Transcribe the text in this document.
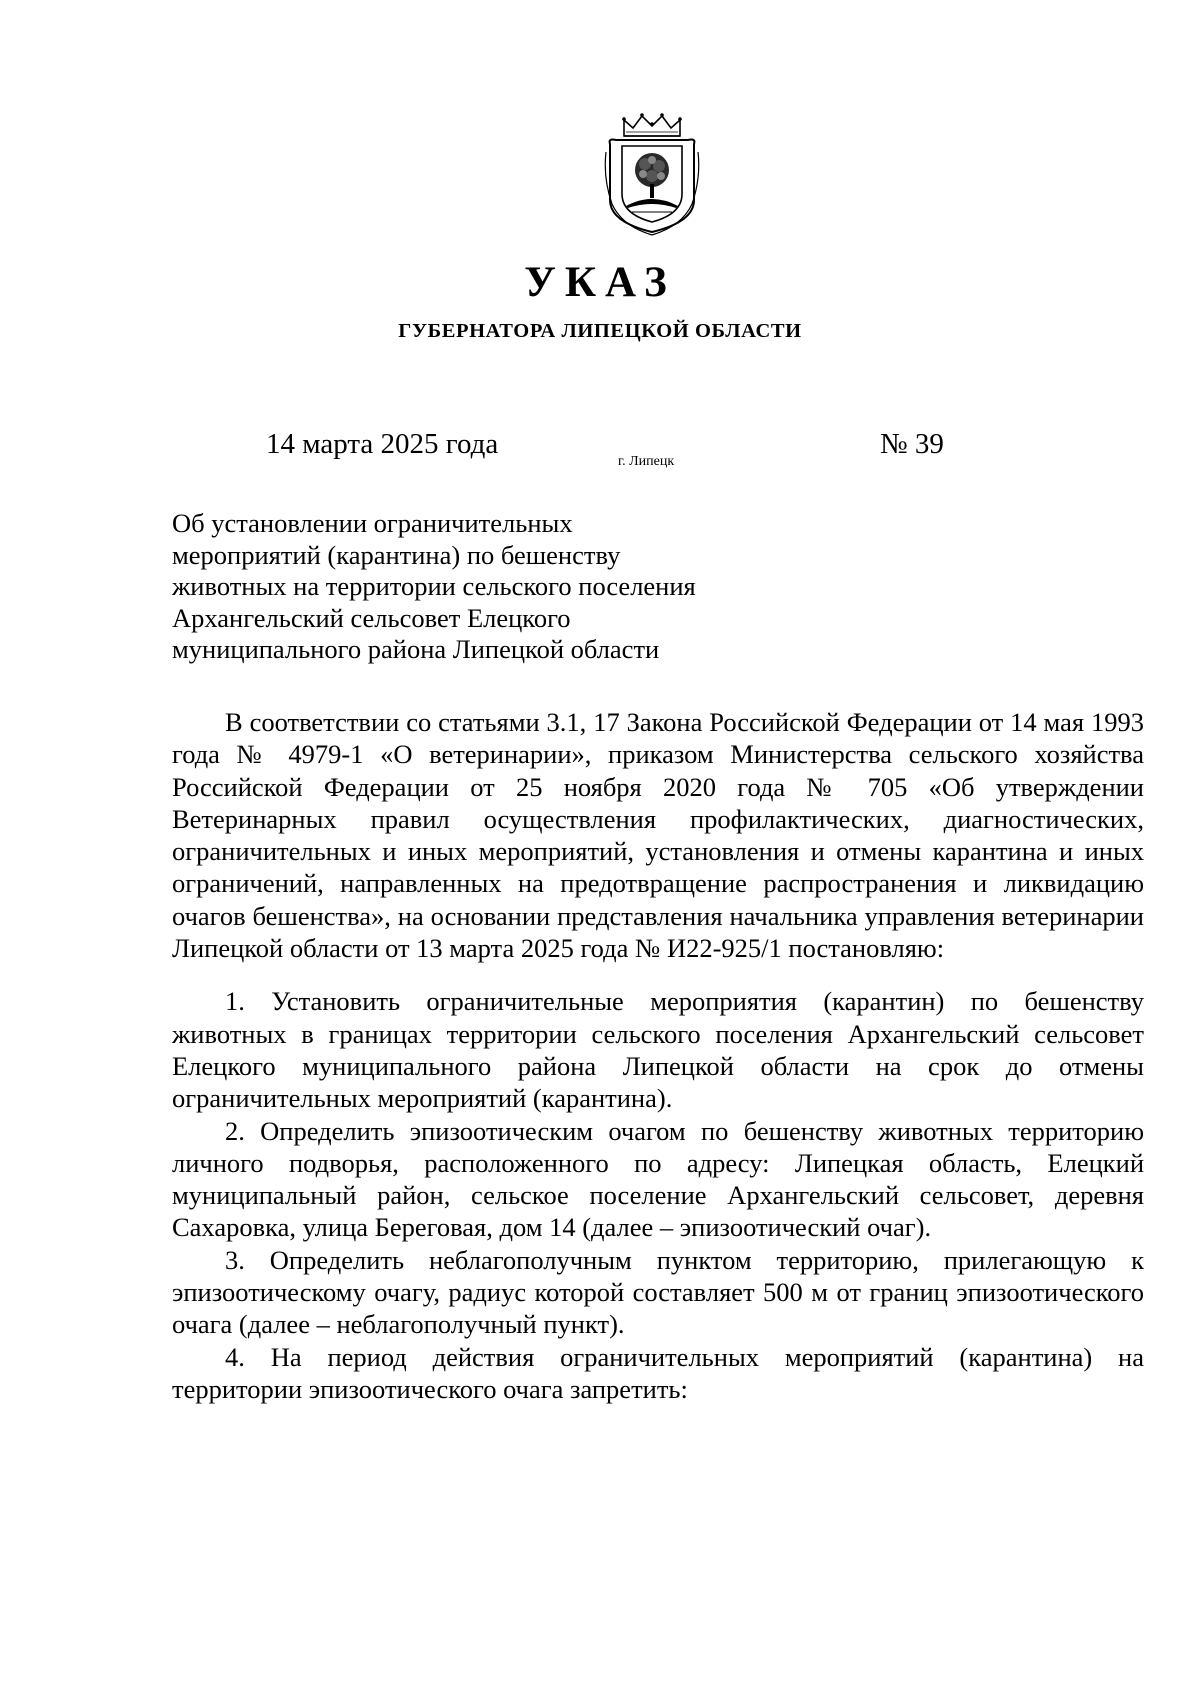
УКАЗ
ГУБЕРНАТОРА ЛИПЕЦКОЙ ОБЛАСТИ
14 марта 2025 года
г. Липецк
№ 39
Об установлении ограничительных
мероприятий (карантина) по бешенству
животных на территории сельского поселения
Архангельский сельсовет Елецкого
муниципального района Липецкой области

В соответствии со статьями 3.1, 17 Закона Российской Федерации от 14 мая 1993 года № 4979-1 «О ветеринарии», приказом Министерства сельского хозяйства Российской Федерации от 25 ноября 2020 года № 705 «Об утверждении Ветеринарных правил осуществления профилактических, диагностических, ограничительных и иных мероприятий, установления и отмены карантина и иных ограничений, направленных на предотвращение распространения и ликвидацию очагов бешенства», на основании представления начальника управления ветеринарии Липецкой области от 13 марта 2025 года № И22-925/1 постановляю:

1. Установить ограничительные мероприятия (карантин) по бешенству животных в границах территории сельского поселения Архангельский сельсовет Елецкого муниципального района Липецкой области на срок до отмены ограничительных мероприятий (карантина).

2. Определить эпизоотическим очагом по бешенству животных территорию личного подворья, расположенного по адресу: Липецкая область, Елецкий муниципальный район, сельское поселение Архангельский сельсовет, деревня Сахаровка, улица Береговая, дом 14 (далее – эпизоотический очаг).

3. Определить неблагополучным пунктом территорию, прилегающую к эпизоотическому очагу, радиус которой составляет 500 м от границ эпизоотического очага (далее – неблагополучный пункт).

4. На период действия ограничительных мероприятий (карантина) на территории эпизоотического очага запретить:
